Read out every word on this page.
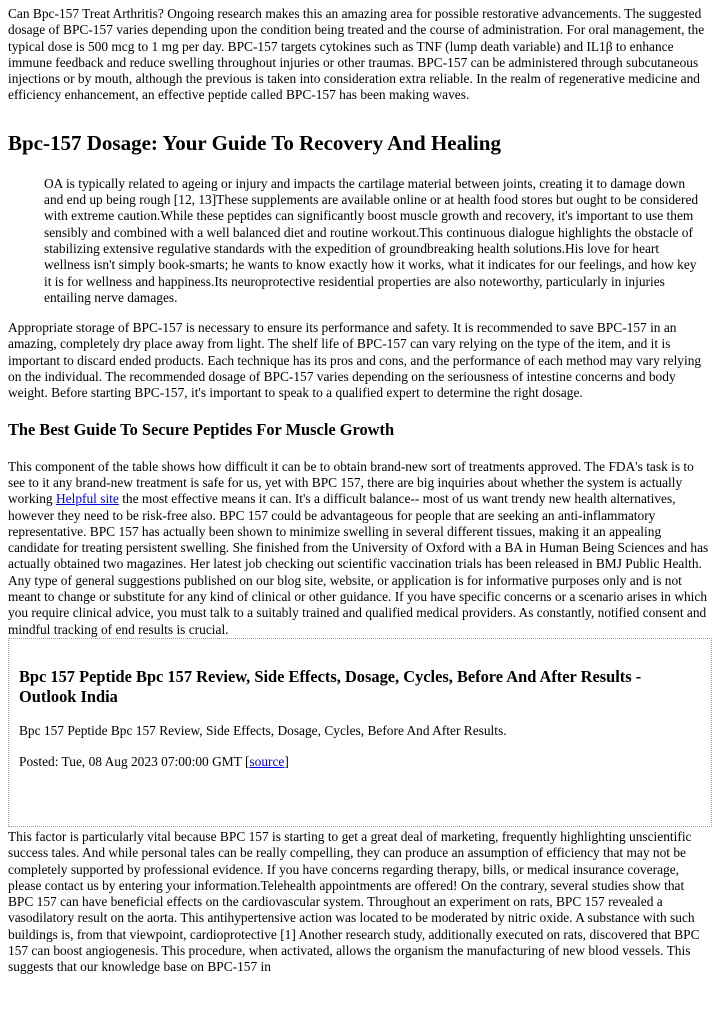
Can Bpc-157 Treat Arthritis? Ongoing research makes this an amazing area for possible restorative advancements. The suggested dosage of BPC-157 varies depending upon the condition being treated and the course of administration. For oral management, the typical dose is 500 mcg to 1 mg per day. BPC-157 targets cytokines such as TNF (lump death variable) and IL1β to enhance immune feedback and reduce swelling throughout injuries or other traumas. BPC-157 can be administered through subcutaneous injections or by mouth, although the previous is taken into consideration extra reliable. In the realm of regenerative medicine and efficiency enhancement, an effective peptide called BPC-157 has been making waves.

Bpc-157 Dosage: Your Guide To Recovery And Healing
OA is typically related to ageing or injury and impacts the cartilage material between joints, creating it to damage down and end up being rough [12, 13]These supplements are available online or at health food stores but ought to be considered with extreme caution.While these peptides can significantly boost muscle growth and recovery, it's important to use them sensibly and combined with a well balanced diet and routine workout.This continuous dialogue highlights the obstacle of stabilizing extensive regulative standards with the expedition of groundbreaking health solutions.His love for heart wellness isn't simply book-smarts; he wants to know exactly how it works, what it indicates for our feelings, and how key it is for wellness and happiness.Its neuroprotective residential properties are also noteworthy, particularly in injuries entailing nerve damages.

Appropriate storage of BPC-157 is necessary to ensure its performance and safety. It is recommended to save BPC-157 in an amazing, completely dry place away from light. The shelf life of BPC-157 can vary relying on the type of the item, and it is important to discard ended products. Each technique has its pros and cons, and the performance of each method may vary relying on the individual. The recommended dosage of BPC-157 varies depending on the seriousness of intestine concerns and body weight. Before starting BPC-157, it's important to speak to a qualified expert to determine the right dosage.

The Best Guide To Secure Peptides For Muscle Growth

This component of the table shows how difficult it can be to obtain brand-new sort of treatments approved. The FDA's task is to see to it any brand-new treatment is safe for us, yet with BPC 157, there are big inquiries about whether the system is actually working Helpful site the most effective means it can. It's a difficult balance-- most of us want trendy new health alternatives, however they need to be risk-free also. BPC 157 could be advantageous for people that are seeking an anti-inflammatory representative. BPC 157 has actually been shown to minimize swelling in several different tissues, making it an appealing candidate for treating persistent swelling. She finished from the University of Oxford with a BA in Human Being Sciences and has actually obtained two magazines. Her latest job checking out scientific vaccination trials has been released in BMJ Public Health. Any type of general suggestions published on our blog site, website, or application is for informative purposes only and is not meant to change or substitute for any kind of clinical or other guidance. If you have specific concerns or a scenario arises in which you require clinical advice, you must talk to a suitably trained and qualified medical providers. As constantly, notified consent and mindful tracking of end results is crucial.

Bpc 157 Peptide Bpc 157 Review, Side Effects, Dosage, Cycles, Before And After Results - Outlook India

Bpc 157 Peptide Bpc 157 Review, Side Effects, Dosage, Cycles, Before And After Results.

Posted: Tue, 08 Aug 2023 07:00:00 GMT [source]

This factor is particularly vital because BPC 157 is starting to get a great deal of marketing, frequently highlighting unscientific success tales. And while personal tales can be really compelling, they can produce an assumption of efficiency that may not be completely supported by professional evidence. If you have concerns regarding therapy, bills, or medical insurance coverage, please contact us by entering your information.Telehealth appointments are offered! On the contrary, several studies show that BPC 157 can have beneficial effects on the cardiovascular system. Throughout an experiment on rats, BPC 157 revealed a vasodilatory result on the aorta. This antihypertensive action was located to be moderated by nitric oxide. A substance with such buildings is, from that viewpoint, cardioprotective [1] Another research study, additionally executed on rats, discovered that BPC 157 can boost angiogenesis. This procedure, when activated, allows the organism the manufacturing of new blood vessels. This suggests that our knowledge base on BPC-157 in
